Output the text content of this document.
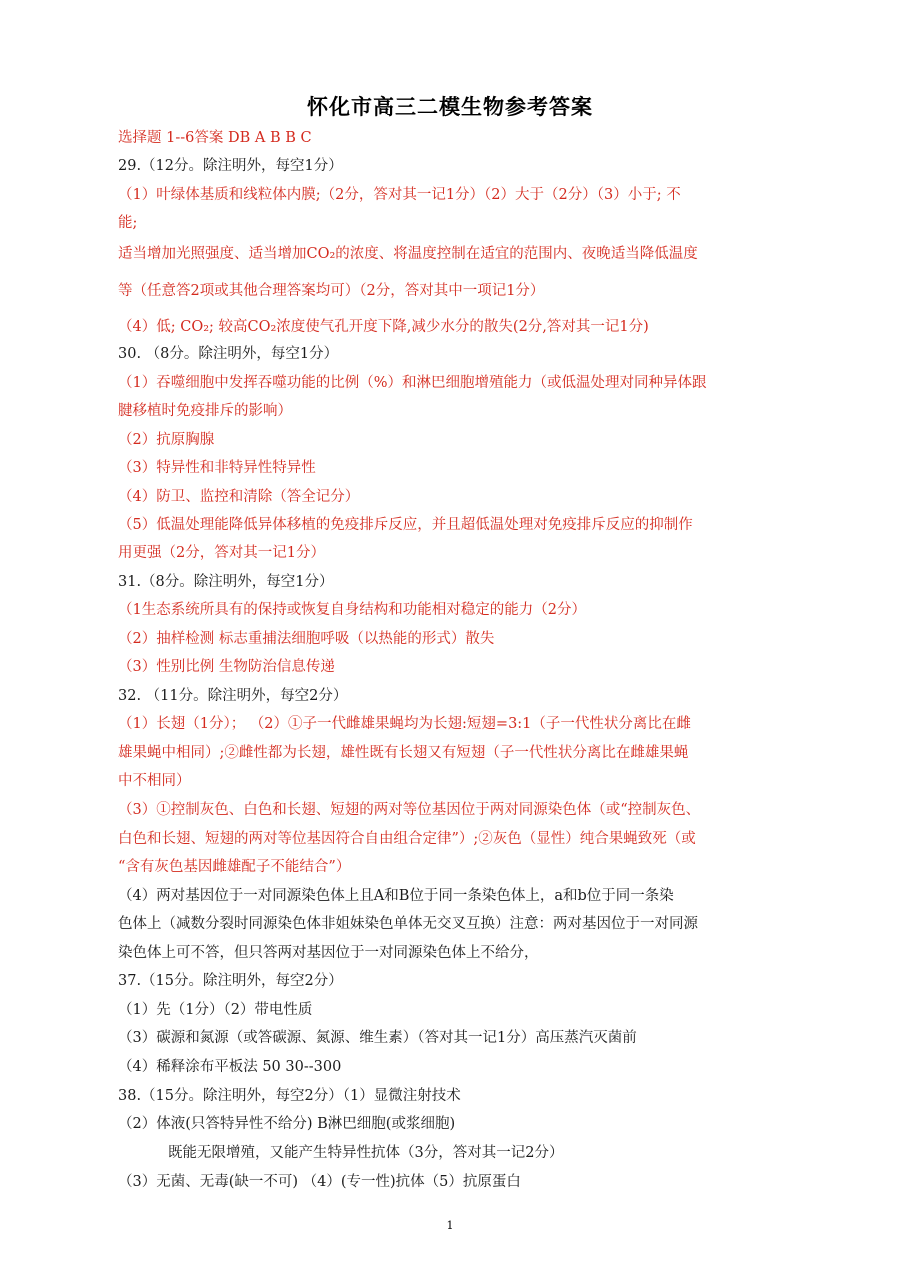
怀化市高三二模生物参考答案
选择题 1--6答案 DB A B B C
29.（12分。除注明外，每空1分）
（1）叶绿体基质和线粒体内膜;（2分，答对其一记1分）（2）大于（2分）（3）小于; 不
能;
适当增加光照强度、适当增加CO₂的浓度、将温度控制在适宜的范围内、夜晚适当降低温度
等（任意答2项或其他合理答案均可）（2分，答对其中一项记1分）
（4）低; CO₂; 较高CO₂浓度使气孔开度下降,减少水分的散失(2分,答对其一记1分)
30. （8分。除注明外，每空1分）
（1）吞噬细胞中发挥吞噬功能的比例（%）和淋巴细胞增殖能力（或低温处理对同种异体跟
腱移植时免疫排斥的影响）
（2）抗原胸腺
（3）特异性和非特异性特异性
（4）防卫、监控和清除（答全记分）
（5）低温处理能降低异体移植的免疫排斥反应，并且超低温处理对免疫排斥反应的抑制作
用更强（2分，答对其一记1分）
31.（8分。除注明外，每空1分）
（1生态系统所具有的保持或恢复自身结构和功能相对稳定的能力（2分）
（2）抽样检测 标志重捕法细胞呼吸（以热能的形式）散失
（3）性别比例 生物防治信息传递
32. （11分。除注明外，每空2分）
（1）长翅（1分）； （2）①子一代雌雄果蝇均为长翅:短翅=3:1（子一代性状分离比在雌
雄果蝇中相同）;②雌性都为长翅，雄性既有长翅又有短翅（子一代性状分离比在雌雄果蝇
中不相同）
（3）①控制灰色、白色和长翅、短翅的两对等位基因位于两对同源染色体（或“控制灰色、
白色和长翅、短翅的两对等位基因符合自由组合定律”）;②灰色（显性）纯合果蝇致死（或
“含有灰色基因雌雄配子不能结合”）
（4）两对基因位于一对同源染色体上且A和B位于同一条染色体上，a和b位于同一条染
色体上（减数分裂时同源染色体非姐妹染色单体无交叉互换）注意：两对基因位于一对同源
染色体上可不答，但只答两对基因位于一对同源染色体上不给分，
37.（15分。除注明外，每空2分）
（1）先（1分）（2）带电性质
（3）碳源和氮源（或答碳源、氮源、维生素）（答对其一记1分）高压蒸汽灭菌前
（4）稀释涂布平板法 50 30--300
38.（15分。除注明外，每空2分）（1）显微注射技术
（2）体液(只答特异性不给分) B淋巴细胞(或浆细胞)
既能无限增殖，又能产生特异性抗体（3分，答对其一记2分）
（3）无菌、无毒(缺一不可) （4）(专一性)抗体（5）抗原蛋白
1
